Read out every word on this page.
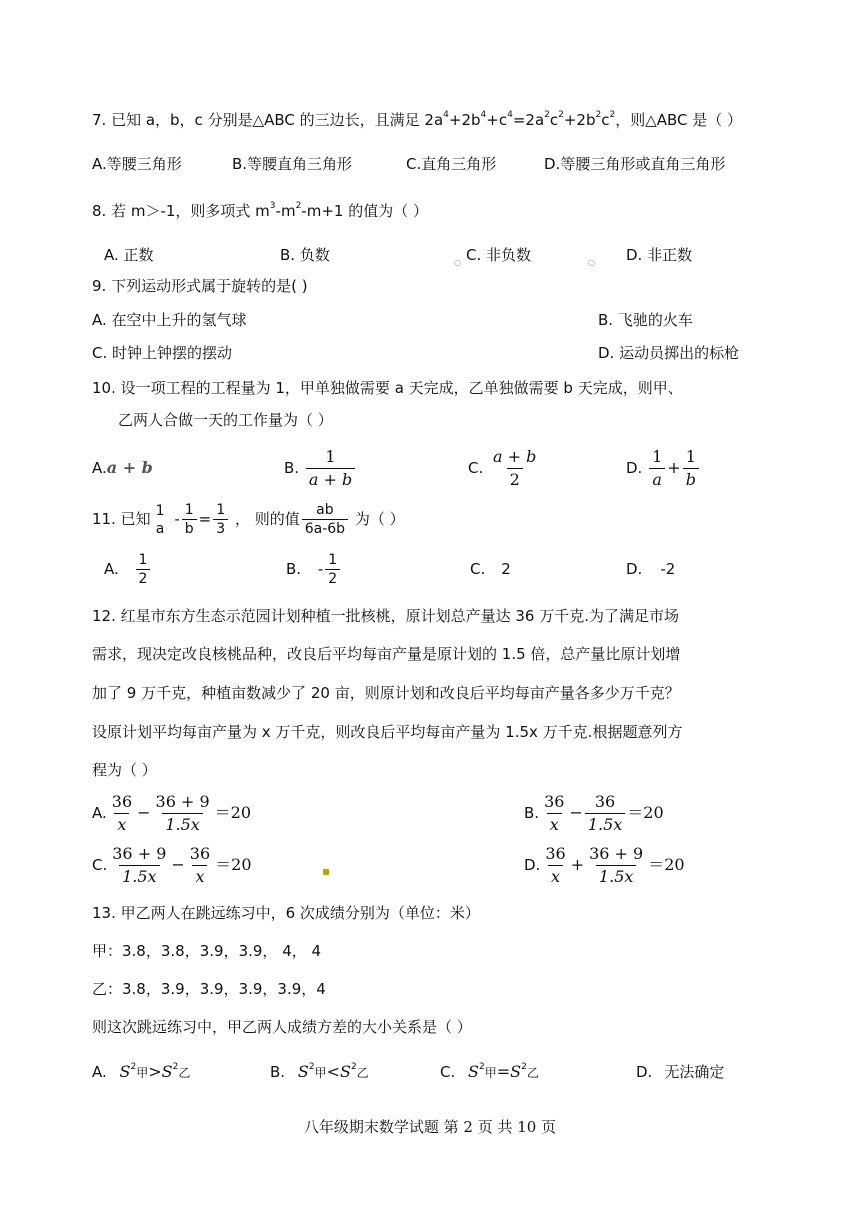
7. 已知 a，b，c 分别是△ABC 的三边长，且满足 $2a^4+2b^4+c^4=2a^2c^2+2b^2c^2$，则△ABC 是（ ）
A.等腰三角形	B.等腰直角三角形	C.直角三角形	D.等腰三角形或直角三角形
8. 若 m＞-1，则多项式 $m^3-m^2-m+1$ 的值为（ ）
A. 正数	B. 负数	○ C. 非负数	○ D. 非正数
9. 下列运动形式属于旋转的是( )
A. 在空中上升的氢气球	B. 飞驰的火车
C. 时钟上钟摆的摆动	D. 运动员掷出的标枪
10. 设一项工程的工程量为 1，甲单独做需要 a 天完成，乙单独做需要 b 天完成，则甲、
乙两人合做一天的工作量为（ ）
A.a + b	B. $\frac{1}{a + b}$	C. $\frac{a + b}{2}$	D. $\frac{1}{a} + \frac{1}{b}$
11. 已知 1
a
- $\frac{1}{b} = \frac{1}{3}$ ， 则的值 $\frac{ab}{6a-6b}$ 为（ ）
A. $\frac{1}{2}$	B. - $\frac{1}{2}$	C. 2	D. -2
12. 红星市东方生态示范园计划种植一批核桃，原计划总产量达 36 万千克.为了满足市场
需求，现决定改良核桃品种，改良后平均每亩产量是原计划的 1.5 倍，总产量比原计划增
加了 9 万千克，种植亩数减少了 20 亩，则原计划和改良后平均每亩产量各多少万千克？
设原计划平均每亩产量为 x 万千克，则改良后平均每亩产量为 1.5x 万千克.根据题意列方
程为（ ）
A. $\frac{36}{x} - \frac{36 + 9}{1.5x} =20$	B. $\frac{36}{x} - \frac{36}{1.5x} =20$
C. $\frac{36 + 9}{1.5x} - \frac{36}{x} =20$	▪	D. $\frac{36}{x} + \frac{36 + 9}{1.5x} =20$
13. 甲乙两人在跳远练习中，6 次成绩分别为（单位：米）
甲：3.8，3.8，3.9，3.9， 4， 4
乙：3.8，3.9，3.9，3.9，3.9，4
则这次跳远练习中，甲乙两人成绩方差的大小关系是（ ）
A. $S^2$甲$>S^2$乙	B. $S^2$甲$<S^2$乙	C. $S^2$甲$=S^2$乙	D. 无法确定
八年级期末数学试题 第 2 页 共 10 页
